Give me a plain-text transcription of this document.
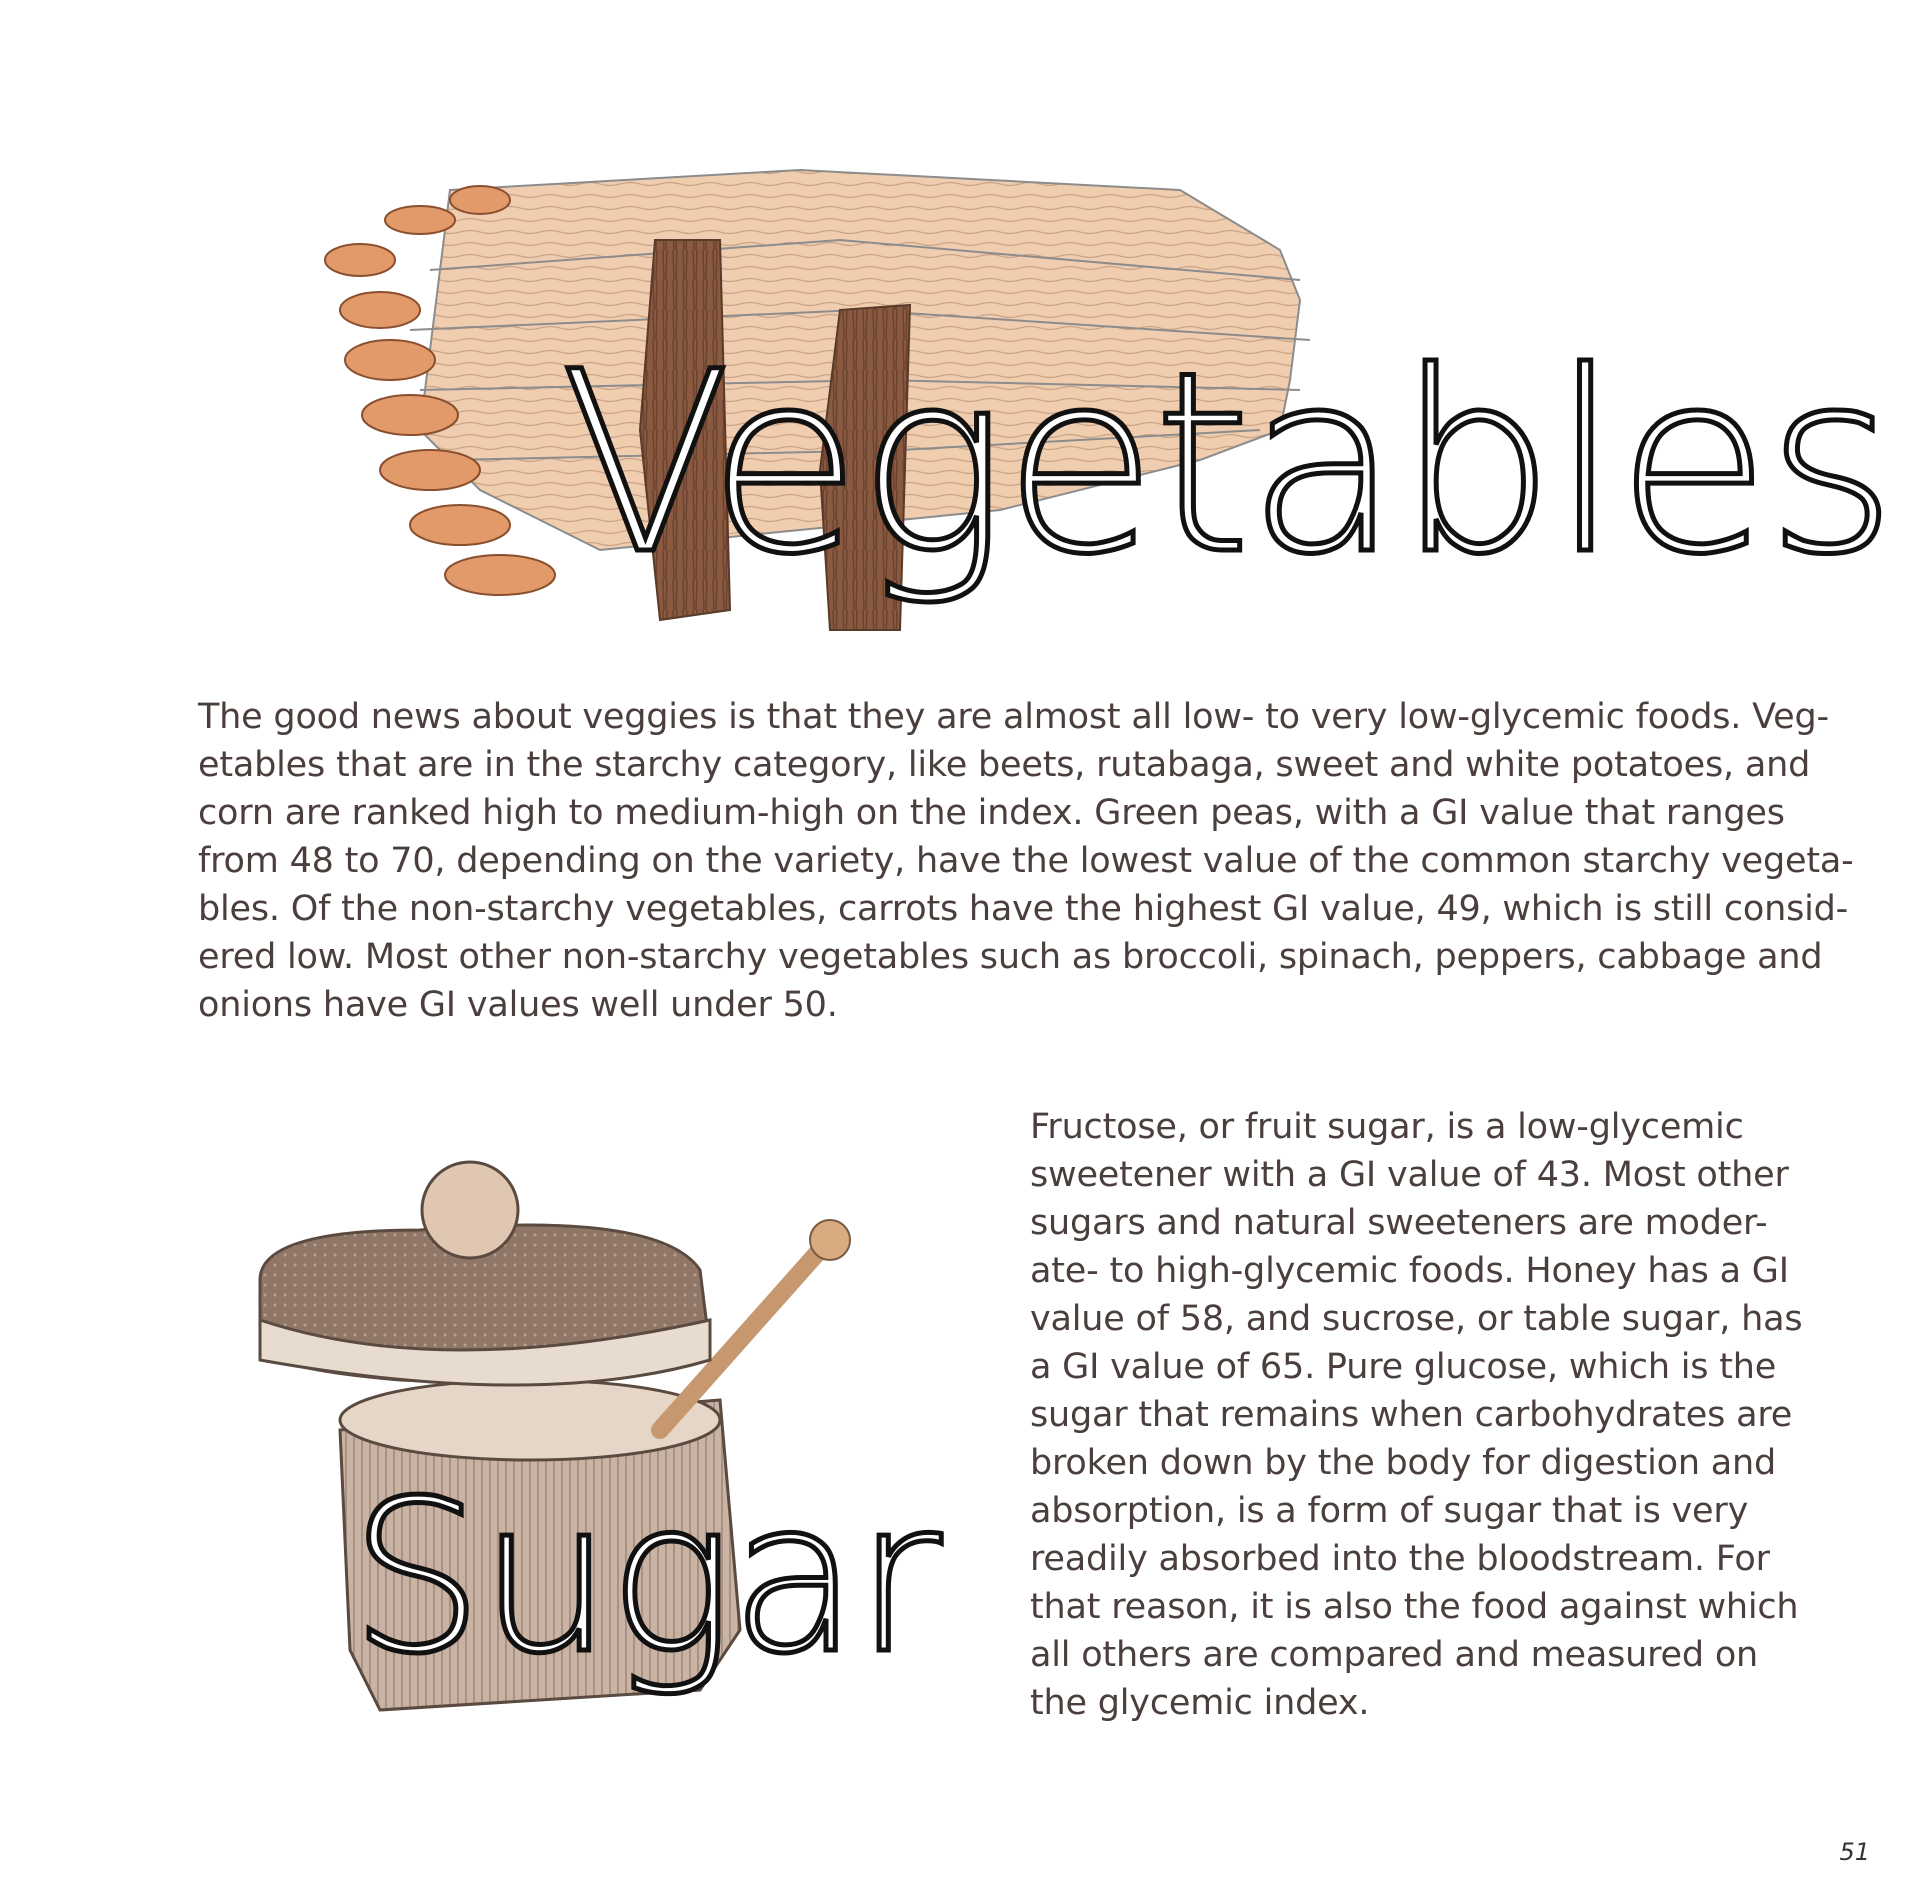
Vegetables

The good news about veggies is that they are almost all low- to very low-glycemic foods. Veg-
etables that are in the starchy category, like beets, rutabaga, sweet and white potatoes, and
corn are ranked high to medium-high on the index. Green peas, with a GI value that ranges
from 48 to 70, depending on the variety, have the lowest value of the common starchy vegeta-
bles. Of the non-starchy vegetables, carrots have the highest GI value, 49, which is still consid-
ered low. Most other non-starchy vegetables such as broccoli, spinach, peppers, cabbage and
onions have GI values well under 50.

Sugar

Fructose, or fruit sugar, is a low-glycemic
sweetener with a GI value of 43. Most other
sugars and natural sweeteners are moder-
ate- to high-glycemic foods. Honey has a GI
value of 58, and sucrose, or table sugar, has
a GI value of 65. Pure glucose, which is the
sugar that remains when carbohydrates are
broken down by the body for digestion and
absorption, is a form of sugar that is very
readily absorbed into the bloodstream. For
that reason, it is also the food against which
all others are compared and measured on
the glycemic index.

51
